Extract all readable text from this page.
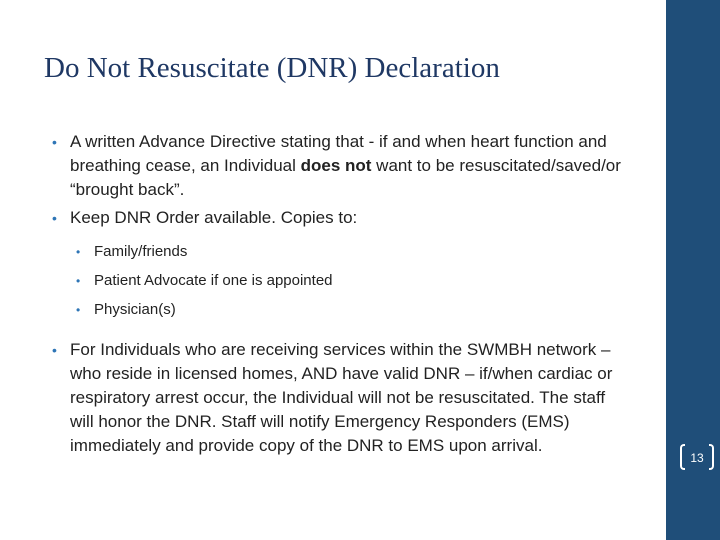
Do Not Resuscitate (DNR) Declaration
• A written Advance Directive stating that - if and when heart function and breathing cease, an Individual does not want to be resuscitated/saved/or “brought back”.
• Keep DNR Order available. Copies to:
• Family/friends
• Patient Advocate if one is appointed
• Physician(s)
• For Individuals who are receiving services within the SWMBH network – who reside in licensed homes, AND have valid DNR – if/when cardiac or respiratory arrest occur, the Individual will not be resuscitated. The staff will honor the DNR. Staff will notify Emergency Responders (EMS) immediately and provide copy of the DNR to EMS upon arrival.
13
